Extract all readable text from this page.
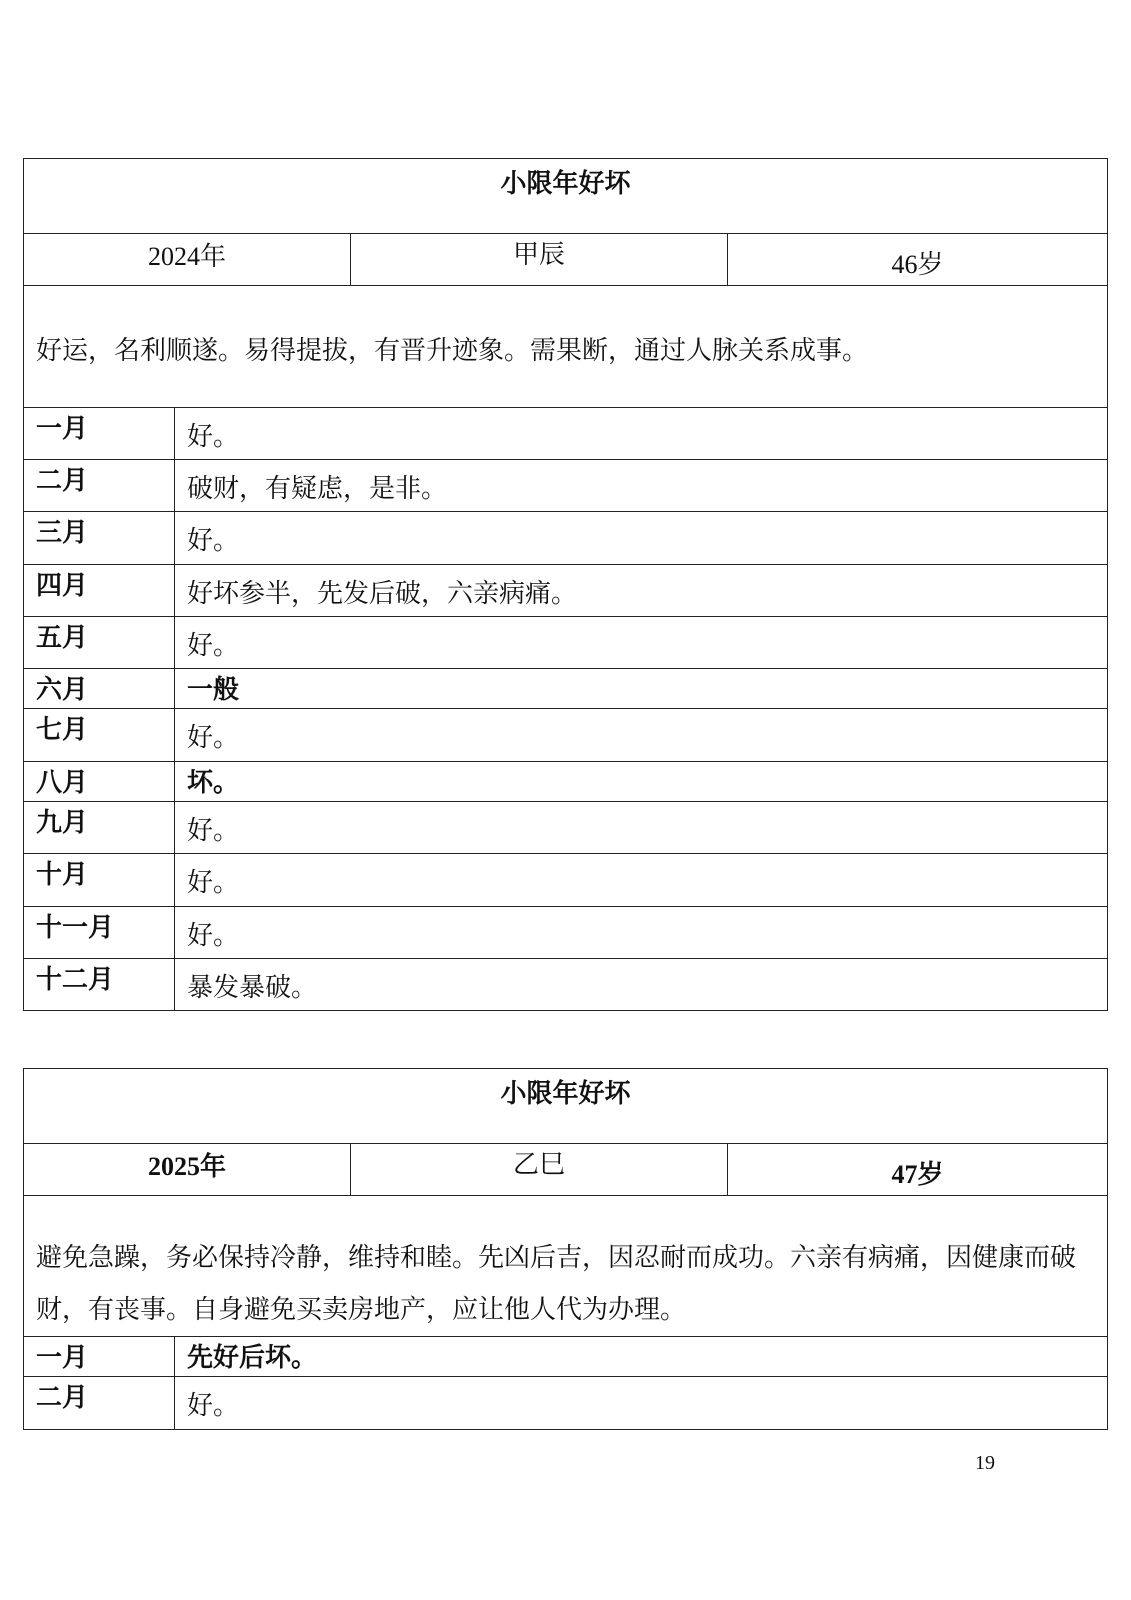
小限年好坏			
2024年		甲辰	46岁
好运，名利顺遂。易得提拔，有晋升迹象。需果断，通过人脉关系成事。			
一月	好。		
二月	破财，有疑虑，是非。		
三月	好。		
四月	好坏参半，先发后破，六亲病痛。		
五月	好。		
六月	一般		
七月	好。		
八月	坏。		
九月	好。		
十月	好。		
十一月	好。		
十二月	暴发暴破。		
小限年好坏			
2025年		乙巳	47岁
避免急躁，务必保持冷静，维持和睦。先凶后吉，因忍耐而成功。六亲有病痛，因健康而破财，有丧事。自身避免买卖房地产，应让他人代为办理。			
一月	先好后坏。		
二月	好。		
19
